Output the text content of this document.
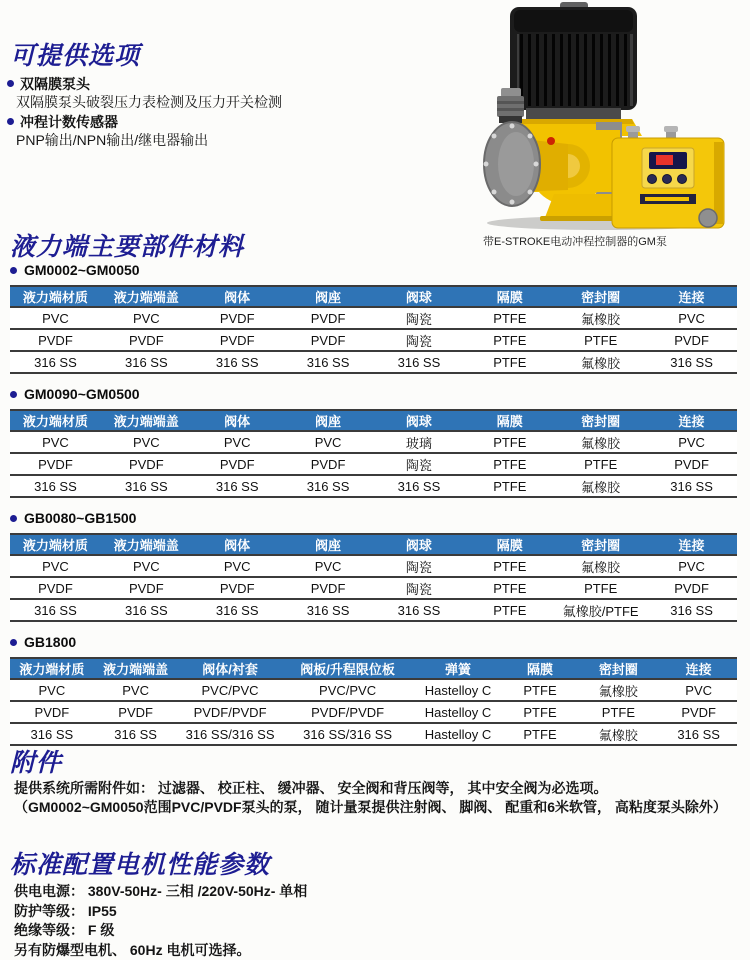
可提供选项
双隔膜泵头
双隔膜泵头破裂压力表检测及压力开关检测
冲程计数传感器
PNP输出/NPN输出/继电器输出
带E-STROKE电动冲程控制器的GM泵
液力端主要部件材料
GM0002~GM0050
液力端材质	液力端端盖	阀体	阀座	阀球	隔膜	密封圈	连接
PVC	PVC	PVDF	PVDF	陶瓷	PTFE	氟橡胶	PVC
PVDF	PVDF	PVDF	PVDF	陶瓷	PTFE	PTFE	PVDF
316 SS	316 SS	316 SS	316 SS	316 SS	PTFE	氟橡胶	316 SS
GM0090~GM0500
液力端材质	液力端端盖	阀体	阀座	阀球	隔膜	密封圈	连接
PVC	PVC	PVC	PVC	玻璃	PTFE	氟橡胶	PVC
PVDF	PVDF	PVDF	PVDF	陶瓷	PTFE	PTFE	PVDF
316 SS	316 SS	316 SS	316 SS	316 SS	PTFE	氟橡胶	316 SS
GB0080~GB1500
液力端材质	液力端端盖	阀体	阀座	阀球	隔膜	密封圈	连接
PVC	PVC	PVC	PVC	陶瓷	PTFE	氟橡胶	PVC
PVDF	PVDF	PVDF	PVDF	陶瓷	PTFE	PTFE	PVDF
316 SS	316 SS	316 SS	316 SS	316 SS	PTFE	氟橡胶/PTFE	316 SS
GB1800
液力端材质	液力端端盖	阀体/衬套	阀板/升程限位板	弹簧	隔膜	密封圈	连接
PVC	PVC	PVC/PVC	PVC/PVC	Hastelloy C	PTFE	氟橡胶	PVC
PVDF	PVDF	PVDF/PVDF	PVDF/PVDF	Hastelloy C	PTFE	PTFE	PVDF
316 SS	316 SS	316 SS/316 SS	316 SS/316 SS	Hastelloy C	PTFE	氟橡胶	316 SS
附件
提供系统所需附件如： 过滤器、 校正柱、 缓冲器、 安全阀和背压阀等， 其中安全阀为必选项。
（GM0002~GM0050范围PVC/PVDF泵头的泵， 随计量泵提供注射阀、 脚阀、 配重和6米软管， 高粘度泵头除外）
标准配置电机性能参数
供电电源： 380V-50Hz- 三相 /220V-50Hz- 单相
防护等级： IP55
绝缘等级： F 级
另有防爆型电机、 60Hz 电机可选择。
